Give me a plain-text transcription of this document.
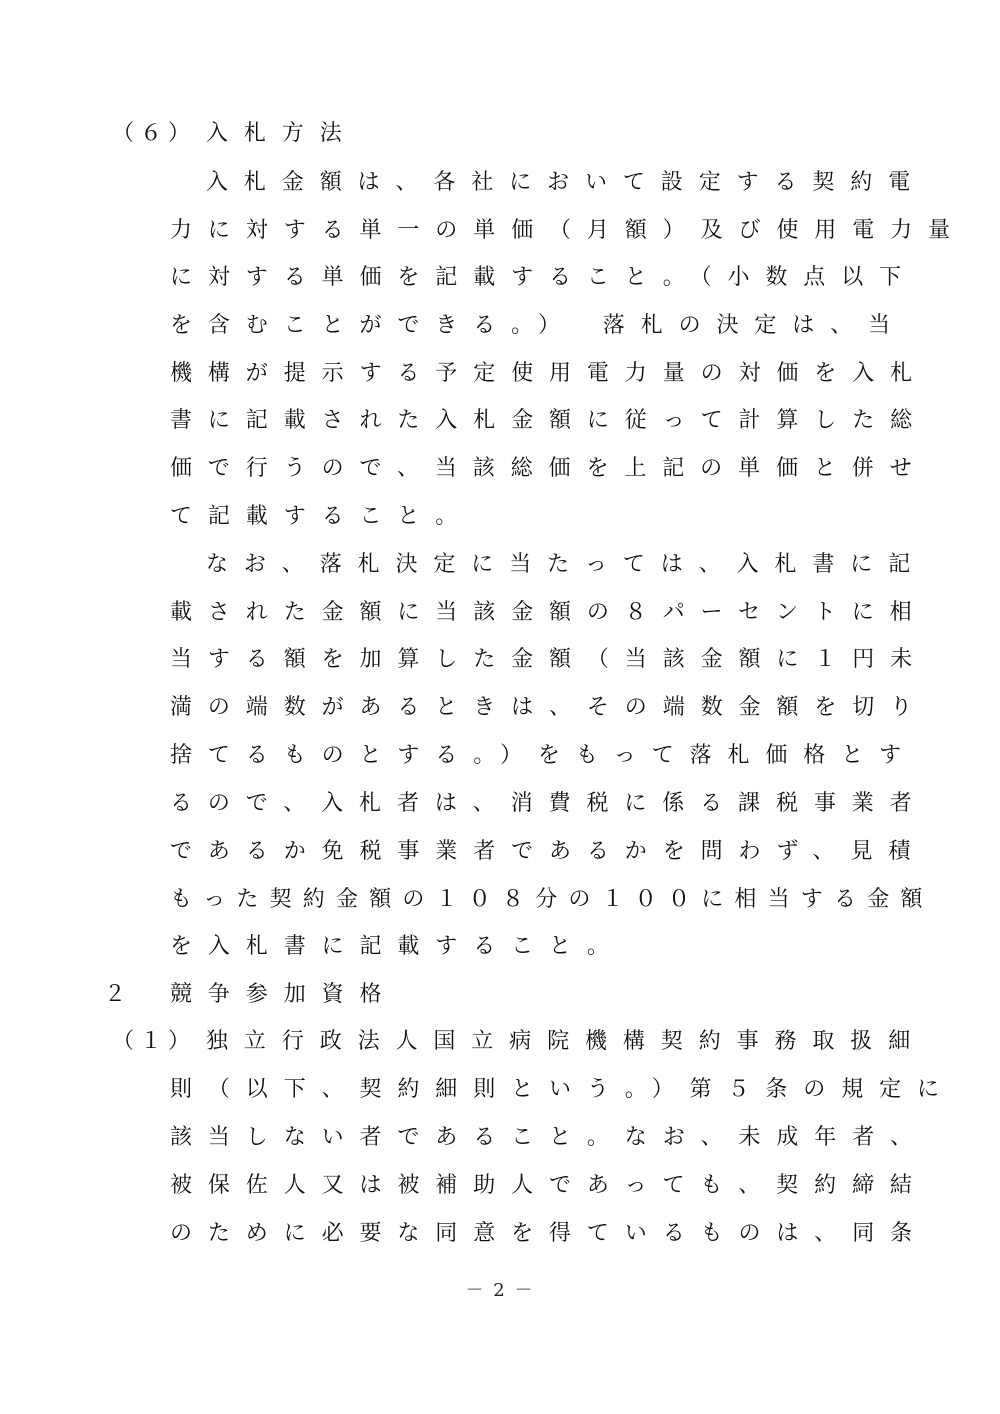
（６） 入札方法
入札金額は、各社において設定する契約電
力に対する単一の単価（月額）及び使用電力量
に対する単価を記載すること。（小数点以下
を含むことができる。）　落札の決定は、当
機構が提示する予定使用電力量の対価を入札
書に記載された入札金額に従って計算した総
価で行うので、当該総価を上記の単価と併せ
て記載すること。
なお、落札決定に当たっては、入札書に記
載された金額に当該金額の８パーセントに相
当する額を加算した金額（当該金額に１円未
満の端数があるときは、その端数金額を切り
捨てるものとする。）をもって落札価格とす
るので、入札者は、消費税に係る課税事業者
であるか免税事業者であるかを問わず、見積
もった契約金額の１０８分の１００に相当する金額
を入札書に記載すること。
２ 競争参加資格
（１） 独立行政法人国立病院機構契約事務取扱細
則（以下、契約細則という。）第５条の規定に
該当しない者であること。なお、未成年者、
被保佐人又は被補助人であっても、契約締結
のために必要な同意を得ているものは、同条
－ 2 －
